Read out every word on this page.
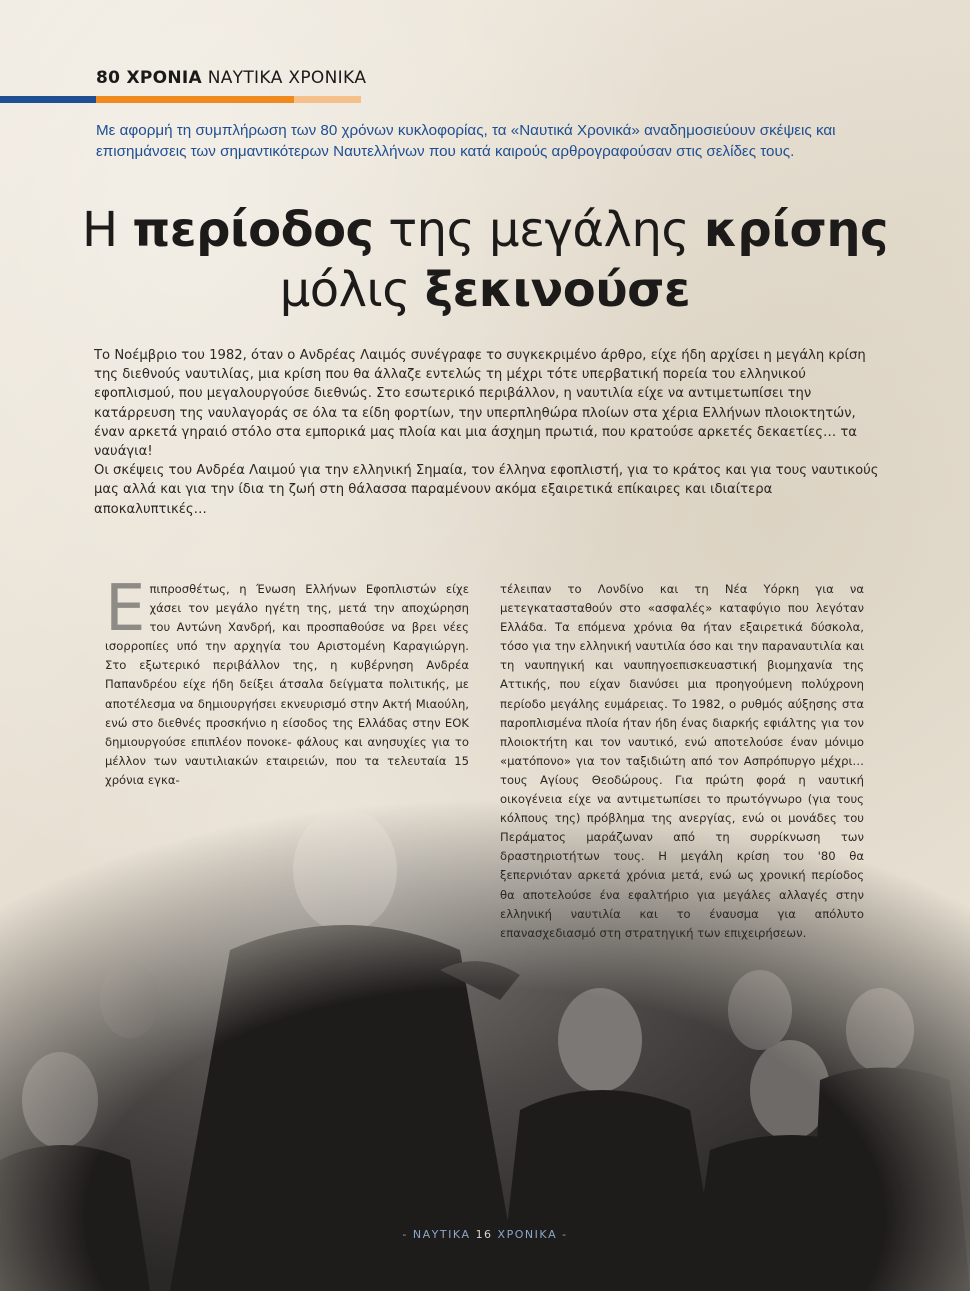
80 ΧΡΟΝΙΑ ΝΑΥΤΙΚΑ ΧΡΟΝΙΚΑ
Με αφορμή τη συμπλήρωση των 80 χρόνων κυκλοφορίας, τα «Ναυτικά Χρονικά» αναδημοσιεύουν σκέψεις και επισημάνσεις των σημαντικότερων Ναυτελλήνων που κατά καιρούς αρθρογραφούσαν στις σελίδες τους.
Η περίοδος της μεγάλης κρίσης
μόλις ξεκινούσε

Το Νοέμβριο του 1982, όταν ο Ανδρέας Λαιμός συνέγραφε το συγκεκριμένο άρθρο, είχε ήδη αρχίσει η μεγάλη κρίση της διεθνούς ναυτιλίας, μια κρίση που θα άλλαζε εντελώς τη μέχρι τότε υπερβατική πορεία του ελληνικού εφοπλισμού, που μεγαλουργούσε διεθνώς. Στο εσωτερικό περιβάλλον, η ναυτιλία είχε να αντιμετωπίσει την κατάρρευση της ναυλαγοράς σε όλα τα είδη φορτίων, την υπερπληθώρα πλοίων στα χέρια Ελλήνων πλοιοκτητών, έναν αρκετά γηραιό στόλο στα εμπορικά μας πλοία και μια άσχημη πρωτιά, που κρατούσε αρκετές δεκαετίες… τα ναυάγια!

Οι σκέψεις του Ανδρέα Λαιμού για την ελληνική Σημαία, τον έλληνα εφοπλιστή, για το κράτος και για τους ναυτικούς μας αλλά και για την ίδια τη ζωή στη θάλασσα παραμένουν ακόμα εξαιρετικά επίκαιρες και ιδιαίτερα αποκαλυπτικές…

Επιπροσθέτως, η Ένωση Ελλήνων Εφοπλιστών είχε χάσει τον μεγάλο ηγέτη της, μετά την αποχώρηση του Αντώνη Χανδρή, και προσπαθούσε να βρει νέες ισορροπίες υπό την αρχηγία του Αριστομένη Καραγιώργη. Στο εξωτερικό περιβάλλον της, η κυβέρνηση Ανδρέα Παπανδρέου είχε ήδη δείξει άτσαλα δείγματα πολιτικής, με αποτέλεσμα να δημιουργήσει εκνευρισμό στην Ακτή Μιαούλη, ενώ στο διεθνές προσκήνιο η είσοδος της Ελλάδας στην ΕΟΚ δημιουργούσε επιπλέον πονοκε- φάλους και ανησυχίες για το μέλλον των ναυτιλιακών εταιρειών, που τα τελευταία 15 χρόνια εγκα-
τέλειπαν το Λονδίνο και τη Νέα Υόρκη για να μετεγκατασταθούν στο «ασφαλές» καταφύγιο που λεγόταν Ελλάδα. Τα επόμενα χρόνια θα ήταν εξαιρετικά δύσκολα, τόσο για την ελληνική ναυτιλία όσο και την παραναυτιλία και τη ναυπηγική και ναυπηγοεπισκευαστική βιομηχανία της Αττικής, που είχαν διανύσει μια προηγούμενη πολύχρονη περίοδο μεγάλης ευμάρειας. Το 1982, ο ρυθμός αύξησης στα παροπλισμένα πλοία ήταν ήδη ένας διαρκής εφιάλτης για τον πλοιοκτήτη και τον ναυτικό, ενώ αποτελούσε έναν μόνιμο «ματόπονο» για τον ταξιδιώτη από τον Ασπρόπυργο μέχρι… τους Αγίους Θεοδώρους. Για πρώτη φορά η ναυτική οικογένεια είχε να αντιμετωπίσει το πρωτόγνωρο (για τους κόλπους της) πρόβλημα της ανεργίας, ενώ οι μονάδες του Περάματος μαράζωναν από τη συρρίκνωση των δραστηριοτήτων τους. Η μεγάλη κρίση του '80 θα ξεπερνιόταν αρκετά χρόνια μετά, ενώ ως χρονική περίοδος θα αποτελούσε ένα εφαλτήριο για μεγάλες αλλαγές στην ελληνική ναυτιλία και το έναυσμα για απόλυτο επανασχεδιασμό στη στρατηγική των επιχειρήσεων.
- ΝΑΥΤΙΚΑ 16 ΧΡΟΝΙΚΑ -
